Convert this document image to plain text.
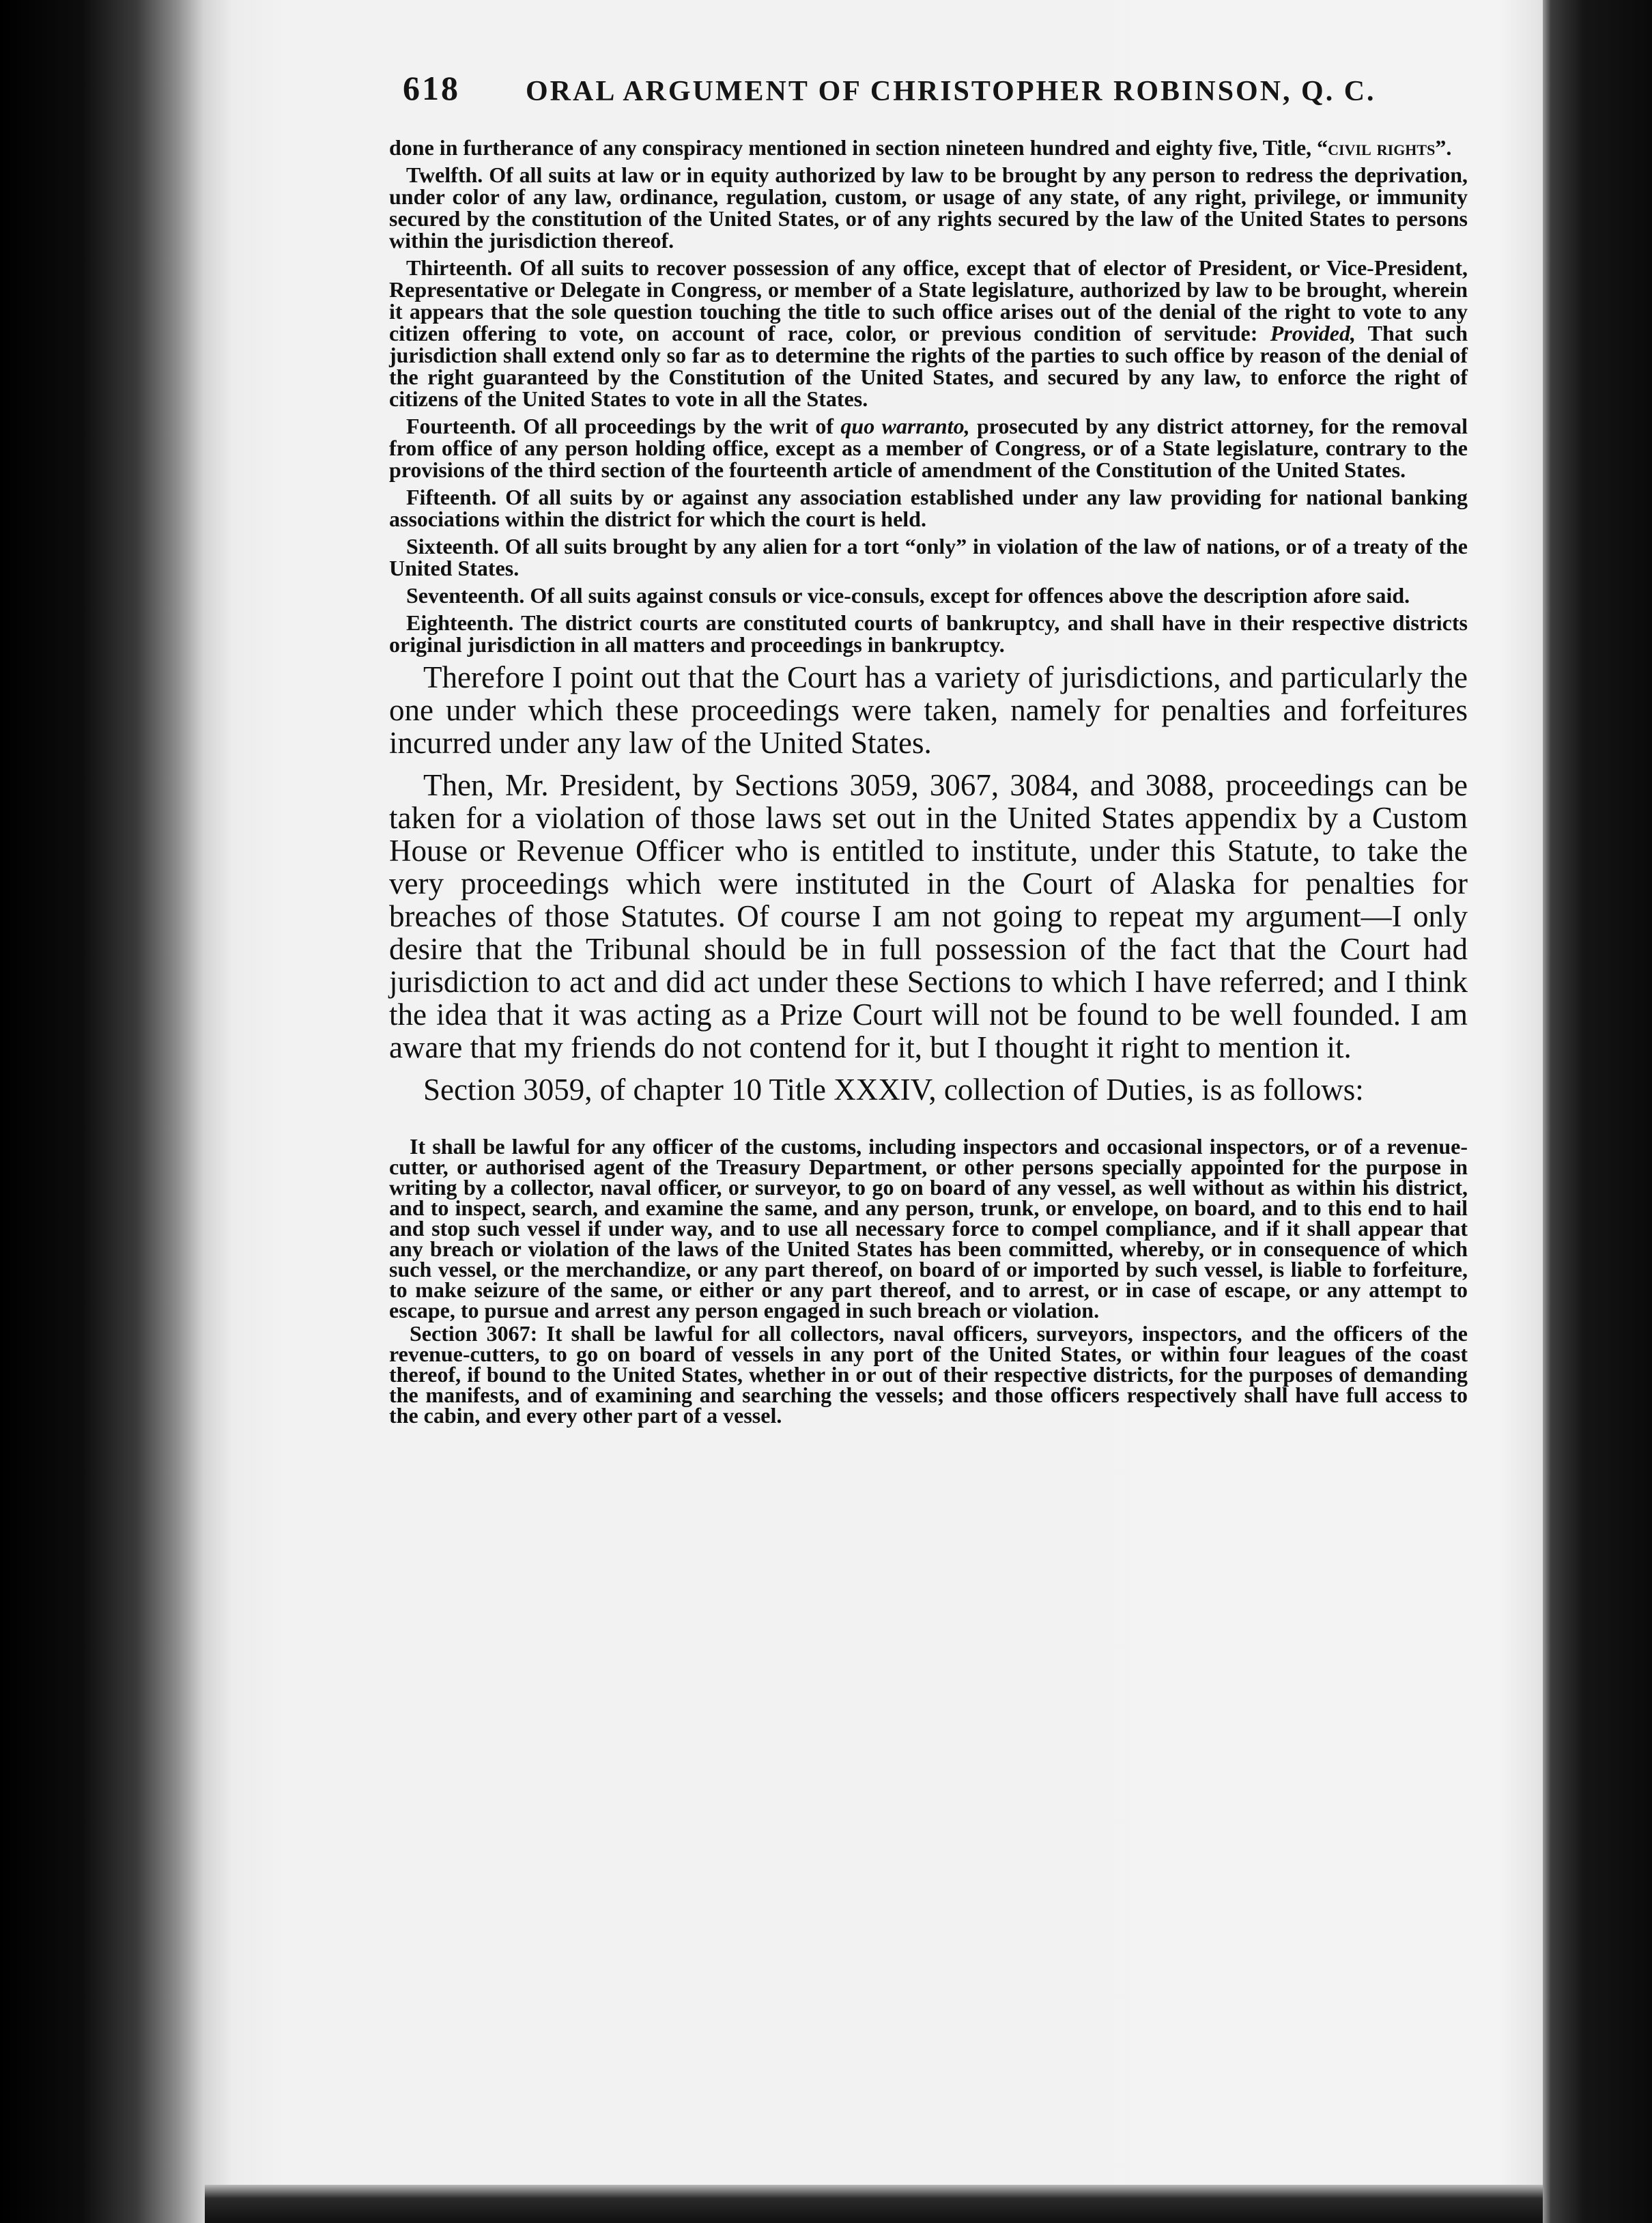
618 ORAL ARGUMENT OF CHRISTOPHER ROBINSON, Q. C.

done in furtherance of any conspiracy mentioned in section nineteen hundred and eighty five, Title, “civil rights”.

Twelfth. Of all suits at law or in equity authorized by law to be brought by any person to redress the deprivation, under color of any law, ordinance, regulation, custom, or usage of any state, of any right, privilege, or immunity secured by the constitution of the United States, or of any rights secured by the law of the United States to persons within the jurisdiction thereof.

Thirteenth. Of all suits to recover possession of any office, except that of elector of President, or Vice-President, Representative or Delegate in Congress, or member of a State legislature, authorized by law to be brought, wherein it appears that the sole question touching the title to such office arises out of the denial of the right to vote to any citizen offering to vote, on account of race, color, or previous condition of servitude: Provided, That such jurisdiction shall extend only so far as to determine the rights of the parties to such office by reason of the denial of the right guaranteed by the Constitution of the United States, and secured by any law, to enforce the right of citizens of the United States to vote in all the States.

Fourteenth. Of all proceedings by the writ of quo warranto, prosecuted by any district attorney, for the removal from office of any person holding office, except as a member of Congress, or of a State legislature, contrary to the provisions of the third section of the fourteenth article of amendment of the Constitution of the United States.

Fifteenth. Of all suits by or against any association established under any law providing for national banking associations within the district for which the court is held.

Sixteenth. Of all suits brought by any alien for a tort “only” in violation of the law of nations, or of a treaty of the United States.

Seventeenth. Of all suits against consuls or vice-consuls, except for offences above the description afore said.

Eighteenth. The district courts are constituted courts of bankruptcy, and shall have in their respective districts original jurisdiction in all matters and proceedings in bankruptcy.

Therefore I point out that the Court has a variety of jurisdictions, and particularly the one under which these proceedings were taken, namely for penalties and forfeitures incurred under any law of the United States.

Then, Mr. President, by Sections 3059, 3067, 3084, and 3088, proceedings can be taken for a violation of those laws set out in the United States appendix by a Custom House or Revenue Officer who is entitled to institute, under this Statute, to take the very proceedings which were instituted in the Court of Alaska for penalties for breaches of those Statutes. Of course I am not going to repeat my argument—I only desire that the Tribunal should be in full possession of the fact that the Court had jurisdiction to act and did act under these Sections to which I have referred; and I think the idea that it was acting as a Prize Court will not be found to be well founded. I am aware that my friends do not contend for it, but I thought it right to mention it.

Section 3059, of chapter 10 Title XXXIV, collection of Duties, is as follows:

It shall be lawful for any officer of the customs, including inspectors and occasional inspectors, or of a revenue-cutter, or authorised agent of the Treasury Department, or other persons specially appointed for the purpose in writing by a collector, naval officer, or surveyor, to go on board of any vessel, as well without as within his district, and to inspect, search, and examine the same, and any person, trunk, or envelope, on board, and to this end to hail and stop such vessel if under way, and to use all necessary force to compel compliance, and if it shall appear that any breach or violation of the laws of the United States has been committed, whereby, or in consequence of which such vessel, or the merchandize, or any part thereof, on board of or imported by such vessel, is liable to forfeiture, to make seizure of the same, or either or any part thereof, and to arrest, or in case of escape, or any attempt to escape, to pursue and arrest any person engaged in such breach or violation.

Section 3067: It shall be lawful for all collectors, naval officers, surveyors, inspectors, and the officers of the revenue-cutters, to go on board of vessels in any port of the United States, or within four leagues of the coast thereof, if bound to the United States, whether in or out of their respective districts, for the purposes of demanding the manifests, and of examining and searching the vessels; and those officers respectively shall have full access to the cabin, and every other part of a vessel.
